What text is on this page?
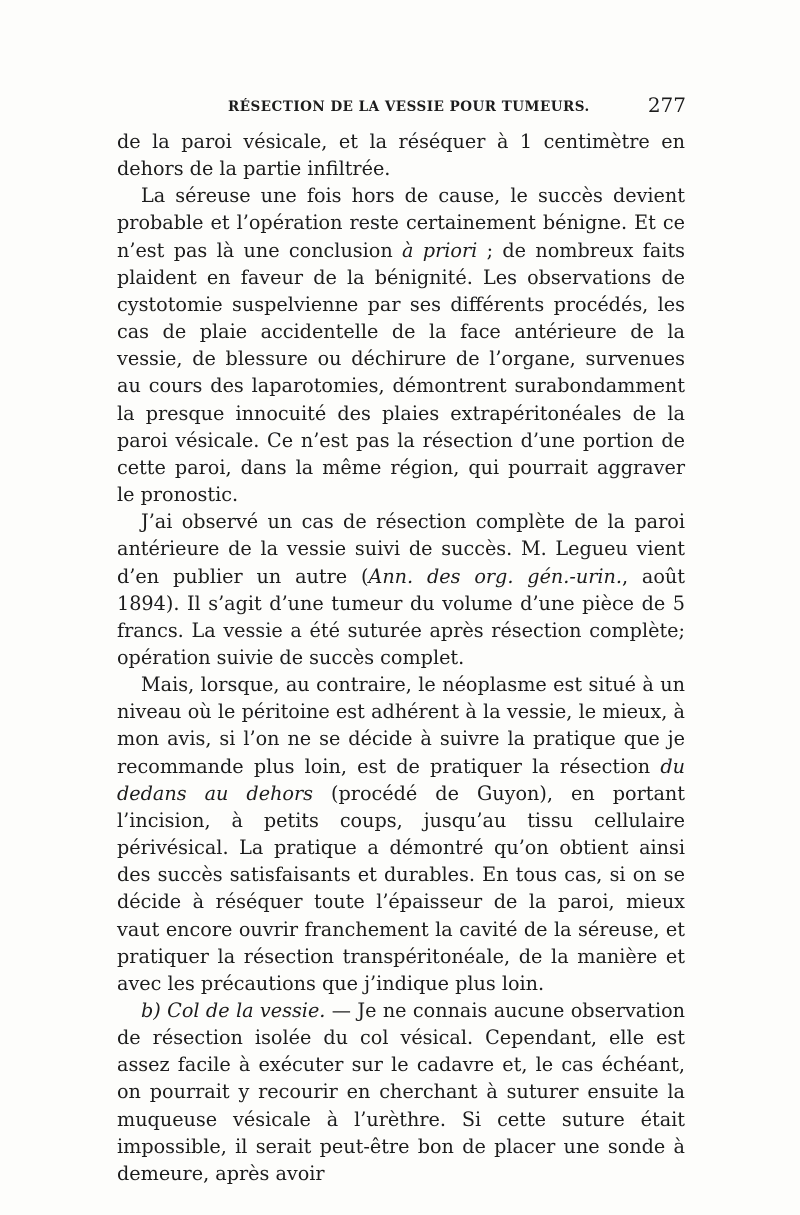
RÉSECTION DE LA VESSIE POUR TUMEURS.	277

de la paroi vésicale, et la réséquer à 1 centimètre en dehors de la partie infiltrée.

La séreuse une fois hors de cause, le succès devient probable et l’opération reste certainement bénigne. Et ce n’est pas là une conclusion à priori ; de nombreux faits plaident en faveur de la bénignité. Les observations de cystotomie suspelvienne par ses différents procédés, les cas de plaie accidentelle de la face antérieure de la vessie, de blessure ou déchirure de l’organe, survenues au cours des laparotomies, démontrent surabondamment la presque innocuité des plaies extrapéritonéales de la paroi vésicale. Ce n’est pas la résection d’une portion de cette paroi, dans la même région, qui pourrait aggraver le pronostic.

J’ai observé un cas de résection complète de la paroi antérieure de la vessie suivi de succès. M. Legueu vient d’en publier un autre (Ann. des org. gén.-urin., août 1894). Il s’agit d’une tumeur du volume d’une pièce de 5 francs. La vessie a été suturée après résection complète; opération suivie de succès complet.

Mais, lorsque, au contraire, le néoplasme est situé à un niveau où le péritoine est adhérent à la vessie, le mieux, à mon avis, si l’on ne se décide à suivre la pratique que je recommande plus loin, est de pratiquer la résection du dedans au dehors (procédé de Guyon), en portant l’incision, à petits coups, jusqu’au tissu cellulaire périvésical. La pratique a démontré qu’on obtient ainsi des succès satisfaisants et durables. En tous cas, si on se décide à réséquer toute l’épaisseur de la paroi, mieux vaut encore ouvrir franchement la cavité de la séreuse, et pratiquer la résection transpéritonéale, de la manière et avec les précautions que j’indique plus loin.

b) Col de la vessie. — Je ne connais aucune observation de résection isolée du col vésical. Cependant, elle est assez facile à exécuter sur le cadavre et, le cas échéant, on pourrait y recourir en cherchant à suturer ensuite la muqueuse vésicale à l’urèthre. Si cette suture était impossible, il serait peut-être bon de placer une sonde à demeure, après avoir
